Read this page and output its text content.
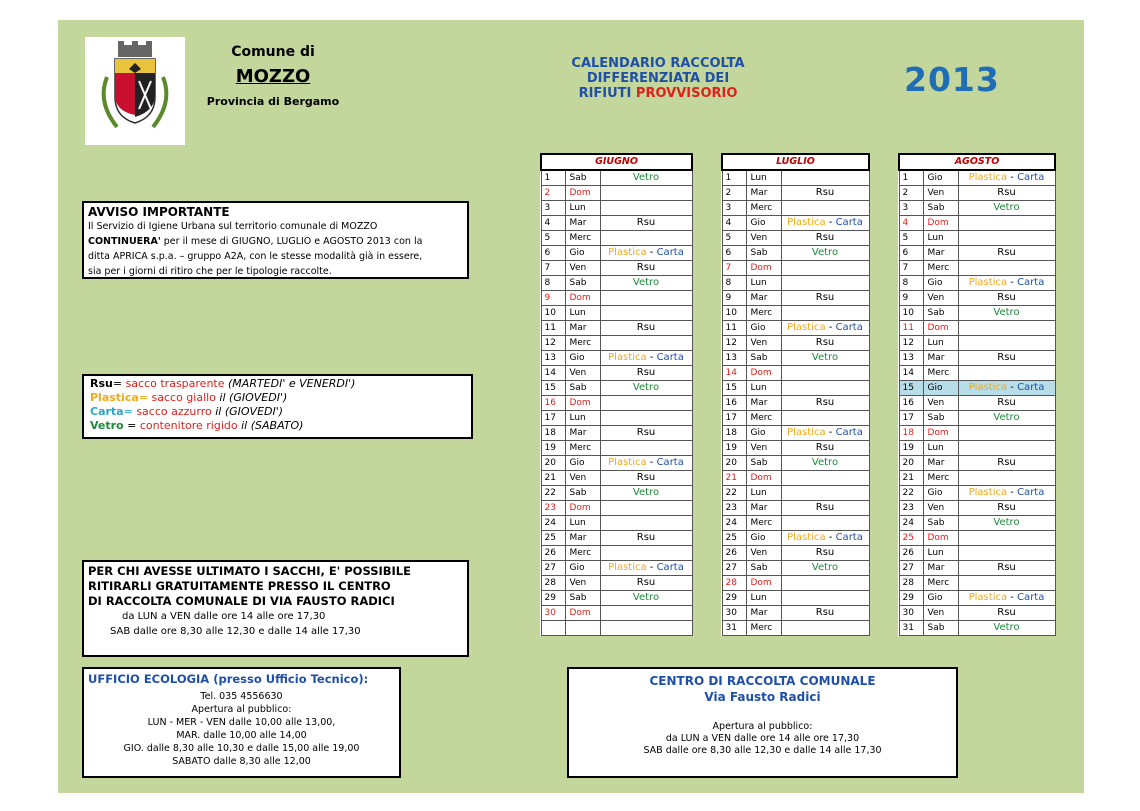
Comune di
MOZZO
Provincia di Bergamo
CALENDARIO RACCOLTA
DIFFERENZIATA DEI
RIFIUTI PROVVISORIO	2013
AVVISO IMPORTANTE
Il Servizio di Igiene Urbana sul territorio comunale di MOZZO
CONTINUERA' per il mese di GIUGNO, LUGLIO e AGOSTO 2013 con la
ditta APRICA s.p.a. – gruppo A2A, con le stesse modalità già in essere,
sia per i giorni di ritiro che per le tipologie raccolte.
Rsu= sacco trasparente (MARTEDI' e VENERDI')
Plastica= sacco giallo il (GIOVEDI')
Carta= sacco azzurro il (GIOVEDI')
Vetro = contenitore rigido il (SABATO)
PER CHI AVESSE ULTIMATO I SACCHI, E' POSSIBILE
RITIRARLI GRATUITAMENTE PRESSO IL CENTRO
DI RACCOLTA COMUNALE DI VIA FAUSTO RADICI
da LUN a VEN dalle ore 14 alle ore 17,30
SAB dalle ore 8,30 alle 12,30 e dalle 14 alle 17,30
UFFICIO ECOLOGIA (presso Ufficio Tecnico):
Tel. 035 4556630
Apertura al pubblico:
LUN - MER - VEN dalle 10,00 alle 13,00,
MAR. dalle 10,00 alle 14,00
GIO. dalle 8,30 alle 10,30 e dalle 15,00 alle 19,00
SABATO dalle 8,30 alle 12,00
CENTRO DI RACCOLTA COMUNALE
Via Fausto Radici
Apertura al pubblico:
da LUN a VEN dalle ore 14 alle ore 17,30
SAB dalle ore 8,30 alle 12,30 e dalle 14 alle 17,30
GIUGNO		
1	Sab	Vetro
2	Dom	
3	Lun	
4	Mar	Rsu
5	Merc	
6	Gio	Plastica - Carta
7	Ven	Rsu
8	Sab	Vetro
9	Dom	
10	Lun	
11	Mar	Rsu
12	Merc	
13	Gio	Plastica - Carta
14	Ven	Rsu
15	Sab	Vetro
16	Dom	
17	Lun	
18	Mar	Rsu
19	Merc	
20	Gio	Plastica - Carta
21	Ven	Rsu
22	Sab	Vetro
23	Dom	
24	Lun	
25	Mar	Rsu
26	Merc	
27	Gio	Plastica - Carta
28	Ven	Rsu
29	Sab	Vetro
30	Dom	

LUGLIO		
1	Lun	
2	Mar	Rsu
3	Merc	
4	Gio	Plastica - Carta
5	Ven	Rsu
6	Sab	Vetro
7	Dom	
8	Lun	
9	Mar	Rsu
10	Merc	
11	Gio	Plastica - Carta
12	Ven	Rsu
13	Sab	Vetro
14	Dom	
15	Lun	
16	Mar	Rsu
17	Merc	
18	Gio	Plastica - Carta
19	Ven	Rsu
20	Sab	Vetro
21	Dom	
22	Lun	
23	Mar	Rsu
24	Merc	
25	Gio	Plastica - Carta
26	Ven	Rsu
27	Sab	Vetro
28	Dom	
29	Lun	
30	Mar	Rsu
31	Merc	
AGOSTO		
1	Gio	Plastica - Carta
2	Ven	Rsu
3	Sab	Vetro
4	Dom	
5	Lun	
6	Mar	Rsu
7	Merc	
8	Gio	Plastica - Carta
9	Ven	Rsu
10	Sab	Vetro
11	Dom	
12	Lun	
13	Mar	Rsu
14	Merc	
15	Gio	Plastica - Carta
16	Ven	Rsu
17	Sab	Vetro
18	Dom	
19	Lun	
20	Mar	Rsu
21	Merc	
22	Gio	Plastica - Carta
23	Ven	Rsu
24	Sab	Vetro
25	Dom	
26	Lun	
27	Mar	Rsu
28	Merc	
29	Gio	Plastica - Carta
30	Ven	Rsu
31	Sab	Vetro
